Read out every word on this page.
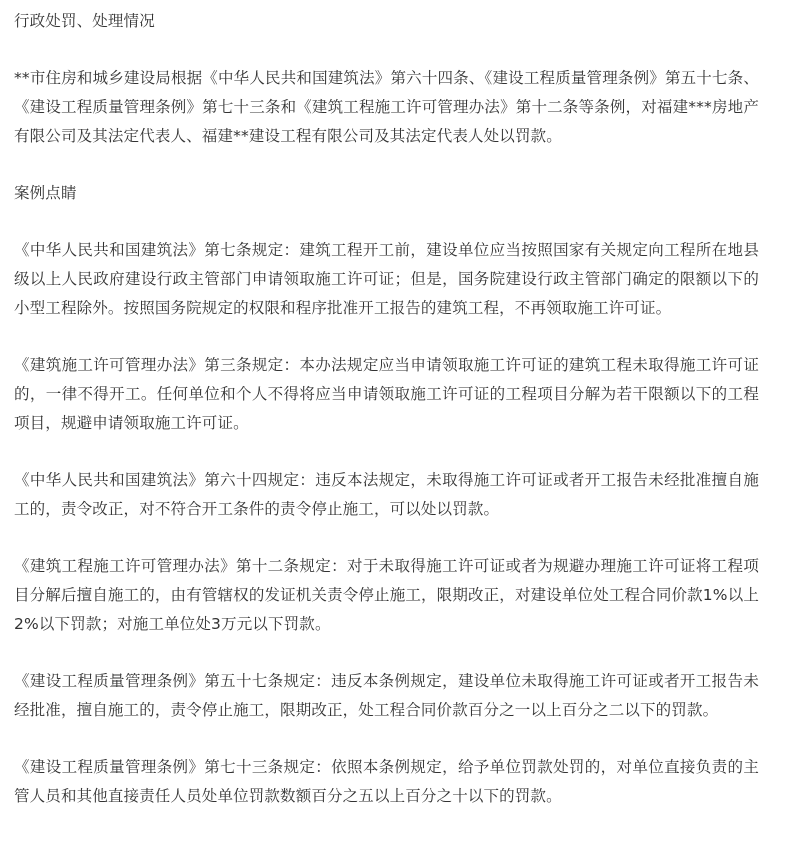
行政处罚、处理情况

**市住房和城乡建设局根据《中华人民共和国建筑法》第六十四条、《建设工程质量管理条例》第五十七条、《建设工程质量管理条例》第七十三条和《建筑工程施工许可管理办法》第十二条等条例，对福建***房地产有限公司及其法定代表人、福建**建设工程有限公司及其法定代表人处以罚款。

案例点睛

《中华人民共和国建筑法》第七条规定：建筑工程开工前，建设单位应当按照国家有关规定向工程所在地县级以上人民政府建设行政主管部门申请领取施工许可证；但是，国务院建设行政主管部门确定的限额以下的小型工程除外。按照国务院规定的权限和程序批准开工报告的建筑工程，不再领取施工许可证。

《建筑施工许可管理办法》第三条规定：本办法规定应当申请领取施工许可证的建筑工程未取得施工许可证的，一律不得开工。任何单位和个人不得将应当申请领取施工许可证的工程项目分解为若干限额以下的工程项目，规避申请领取施工许可证。

《中华人民共和国建筑法》第六十四规定：违反本法规定，未取得施工许可证或者开工报告未经批准擅自施工的，责令改正，对不符合开工条件的责令停止施工，可以处以罚款。

《建筑工程施工许可管理办法》第十二条规定：对于未取得施工许可证或者为规避办理施工许可证将工程项目分解后擅自施工的，由有管辖权的发证机关责令停止施工，限期改正，对建设单位处工程合同价款1%以上2%以下罚款；对施工单位处3万元以下罚款。

《建设工程质量管理条例》第五十七条规定：违反本条例规定，建设单位未取得施工许可证或者开工报告未经批准，擅自施工的，责令停止施工，限期改正，处工程合同价款百分之一以上百分之二以下的罚款。

《建设工程质量管理条例》第七十三条规定：依照本条例规定，给予单位罚款处罚的，对单位直接负责的主管人员和其他直接责任人员处单位罚款数额百分之五以上百分之十以下的罚款。
